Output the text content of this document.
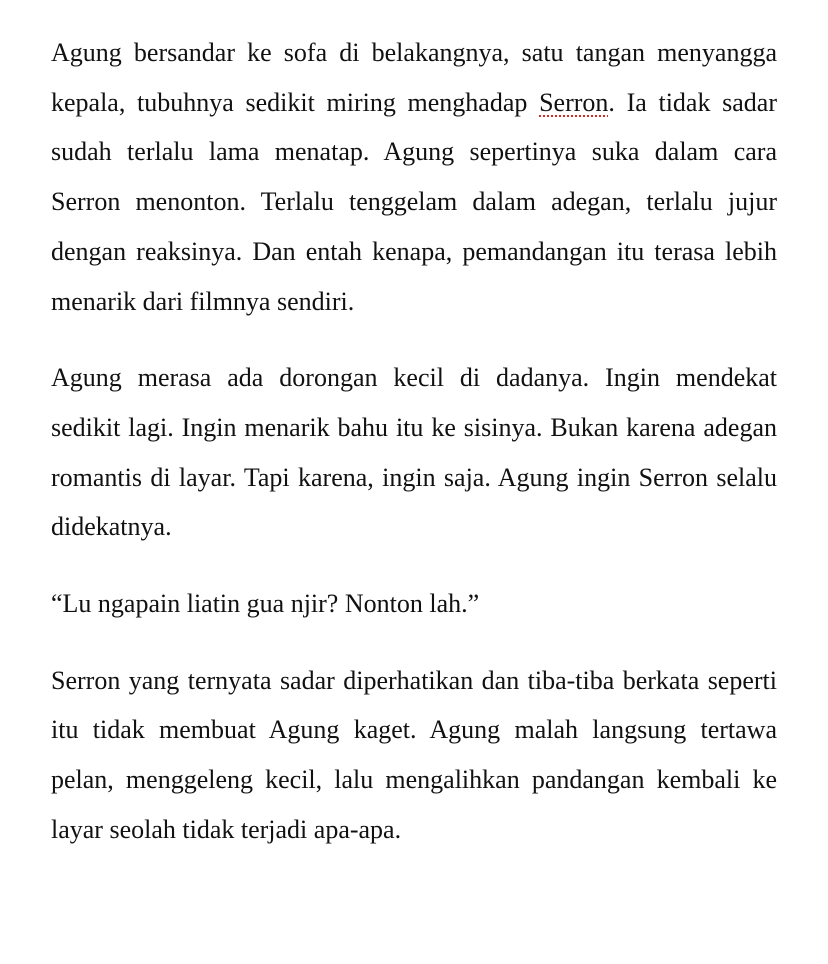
Agung bersandar ke sofa di belakangnya, satu tangan menyangga kepala, tubuhnya sedikit miring menghadap Serron. Ia tidak sadar sudah terlalu lama menatap. Agung sepertinya suka dalam cara Serron menonton. Terlalu tenggelam dalam adegan, terlalu jujur dengan reaksinya. Dan entah kenapa, pemandangan itu terasa lebih menarik dari filmnya sendiri.

Agung merasa ada dorongan kecil di dadanya. Ingin mendekat sedikit lagi. Ingin menarik bahu itu ke sisinya. Bukan karena adegan romantis di layar. Tapi karena, ingin saja. Agung ingin Serron selalu didekatnya.

“Lu ngapain liatin gua njir? Nonton lah.”

Serron yang ternyata sadar diperhatikan dan tiba-tiba berkata seperti itu tidak membuat Agung kaget. Agung malah langsung tertawa pelan, menggeleng kecil, lalu mengalihkan pandangan kembali ke layar seolah tidak terjadi apa-apa.
